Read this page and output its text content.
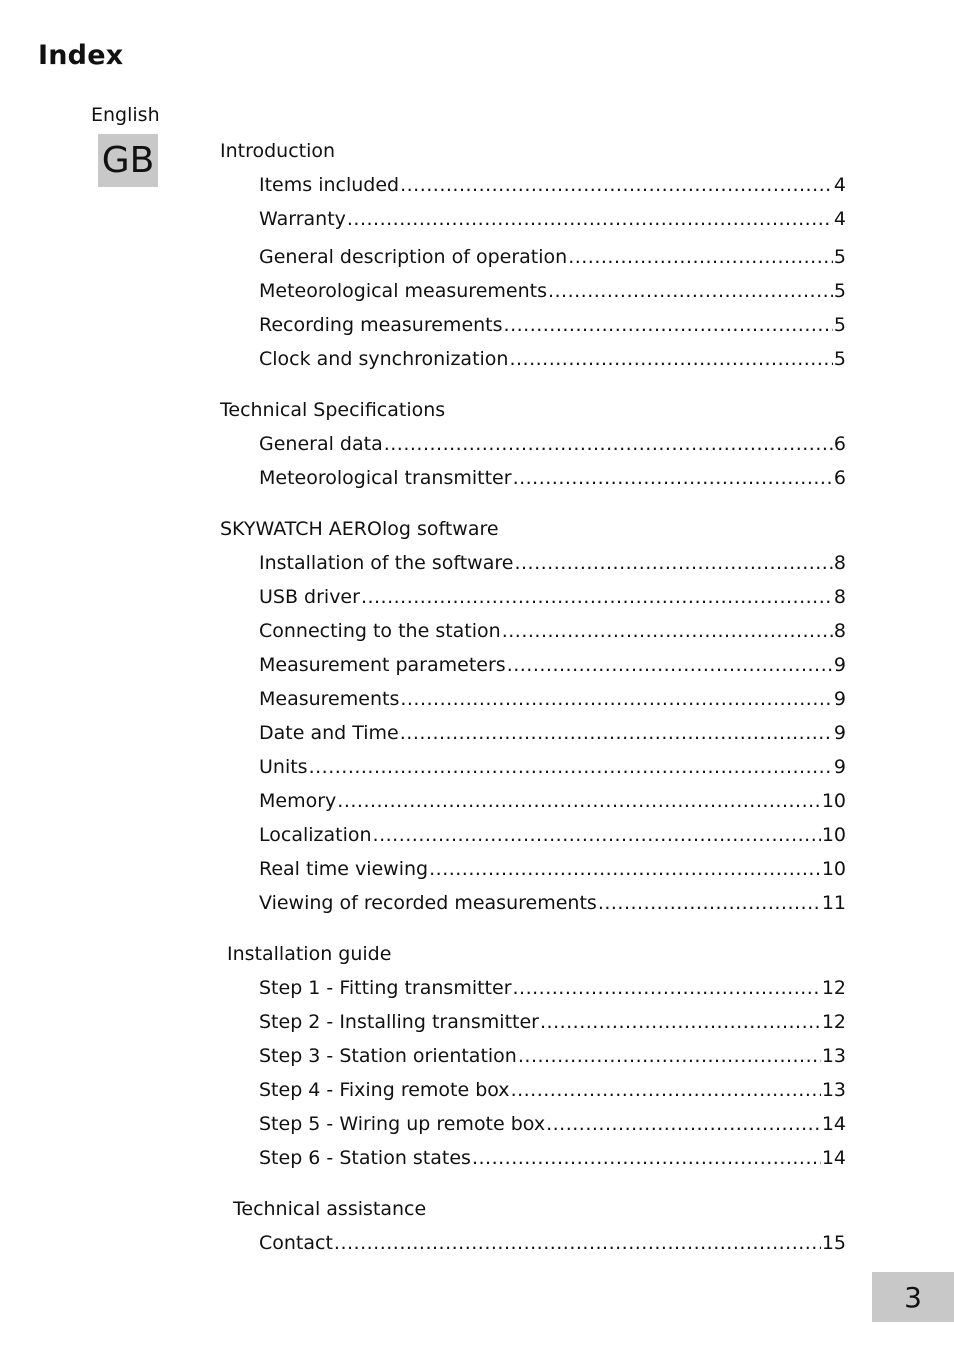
Index
English
GB	Introduction
Items included .....	4
Warranty .....	4
General description of operation .....	5
Meteorological measurements .....	5
Recording measurements .....	5
Clock and synchronization .....	5
Technical Specifications
General data .....	6
Meteorological transmitter .....	6
SKYWATCH AEROlog software
Installation of the software .....	8
USB driver .....	8
Connecting to the station .....	8
Measurement parameters .....	9
Measurements .....	9
Date and Time .....	9
Units .....	9
Memory .....	10
Localization .....	10
Real time viewing .....	10
Viewing of recorded measurements .....	11
Installation guide
Step 1 - Fitting transmitter .....	12
Step 2 - Installing transmitter .....	12
Step 3 - Station orientation .....	13
Step 4 - Fixing remote box .....	13
Step 5 - Wiring up remote box .....	14
Step 6 - Station states .....	14
Technical assistance
Contact .....	15
3
